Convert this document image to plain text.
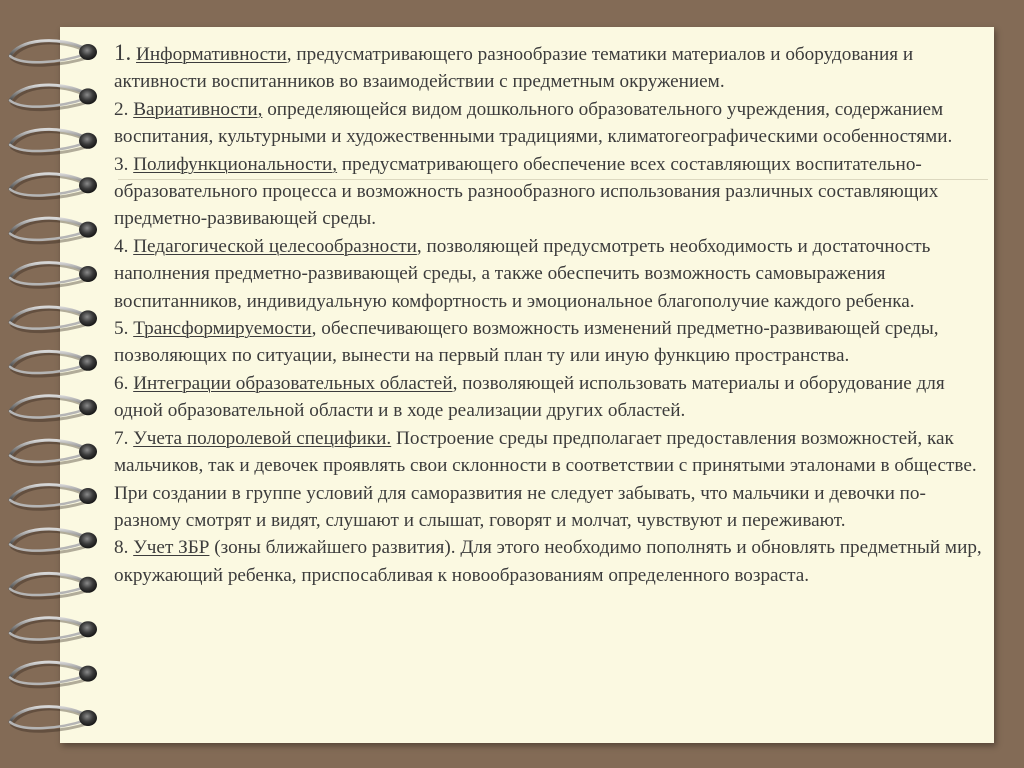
1. Информативности, предусматривающего разнообразие тематики материалов и оборудования и активности воспитанников во взаимодействии с предметным окружением.

2. Вариативности, определяющейся видом дошкольного образовательного учреждения, содержанием воспитания, культурными и художественными традициями, климатогеографическими особенностями.

3. Полифункциональности, предусматривающего обеспечение всех составляющих воспитательно-образовательного процесса и возможность разнообразного использования различных составляющих предметно-развивающей среды.

4. Педагогической целесообразности, позволяющей предусмотреть необходимость и достаточность наполнения предметно-развивающей среды, а также обеспечить возможность самовыражения воспитанников, индивидуальную комфортность и эмоциональное благополучие каждого ребенка.

5. Трансформируемости, обеспечивающего возможность изменений предметно-развивающей среды, позволяющих по ситуации, вынести на первый план ту или иную функцию пространства.

6. Интеграции образовательных областей, позволяющей использовать материалы и оборудование для одной образовательной области и в ходе реализации других областей.

7. Учета полоролевой специфики. Построение среды предполагает предоставления возможностей, как мальчиков, так и девочек проявлять свои склонности в соответствии с принятыми эталонами в обществе. При создании в группе условий для саморазвития не следует забывать, что мальчики и девочки по-разному смотрят и видят, слушают и слышат, говорят и молчат, чувствуют и переживают.

8. Учет ЗБР (зоны ближайшего развития). Для этого необходимо пополнять и обновлять предметный мир, окружающий ребенка, приспосабливая к новообразованиям определенного возраста.
